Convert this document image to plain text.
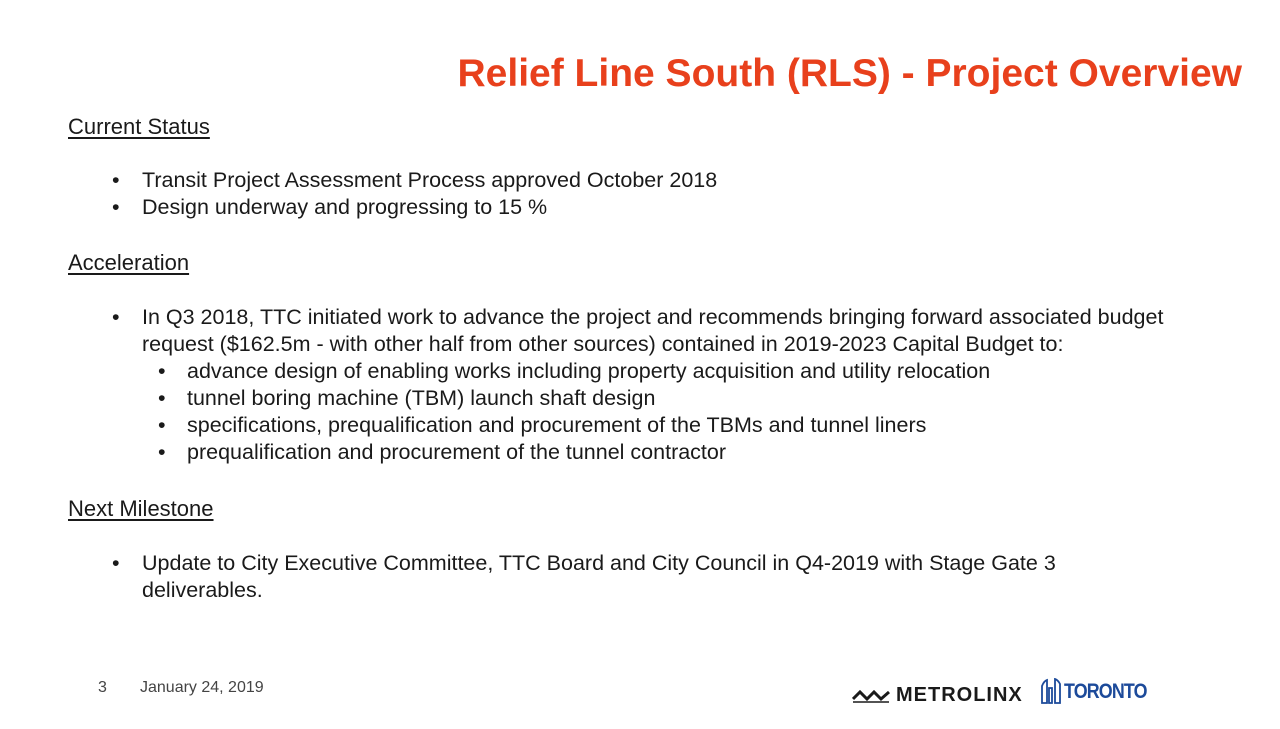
Relief Line South (RLS) - Project Overview
Current Status
• Transit Project Assessment Process approved October 2018
• Design underway and progressing to 15 %
Acceleration
• In Q3 2018, TTC initiated work to advance the project and recommends bringing forward associated budget request ($162.5m - with other half from other sources) contained in 2019-2023 Capital Budget to:
• advance design of enabling works including property acquisition and utility relocation
• tunnel boring machine (TBM) launch shaft design
• specifications, prequalification and procurement of the TBMs and tunnel liners
• prequalification and procurement of the tunnel contractor
Next Milestone
• Update to City Executive Committee, TTC Board and City Council in Q4-2019 with Stage Gate 3 deliverables.
3 January 24, 2019	METROLINX TORONTO
